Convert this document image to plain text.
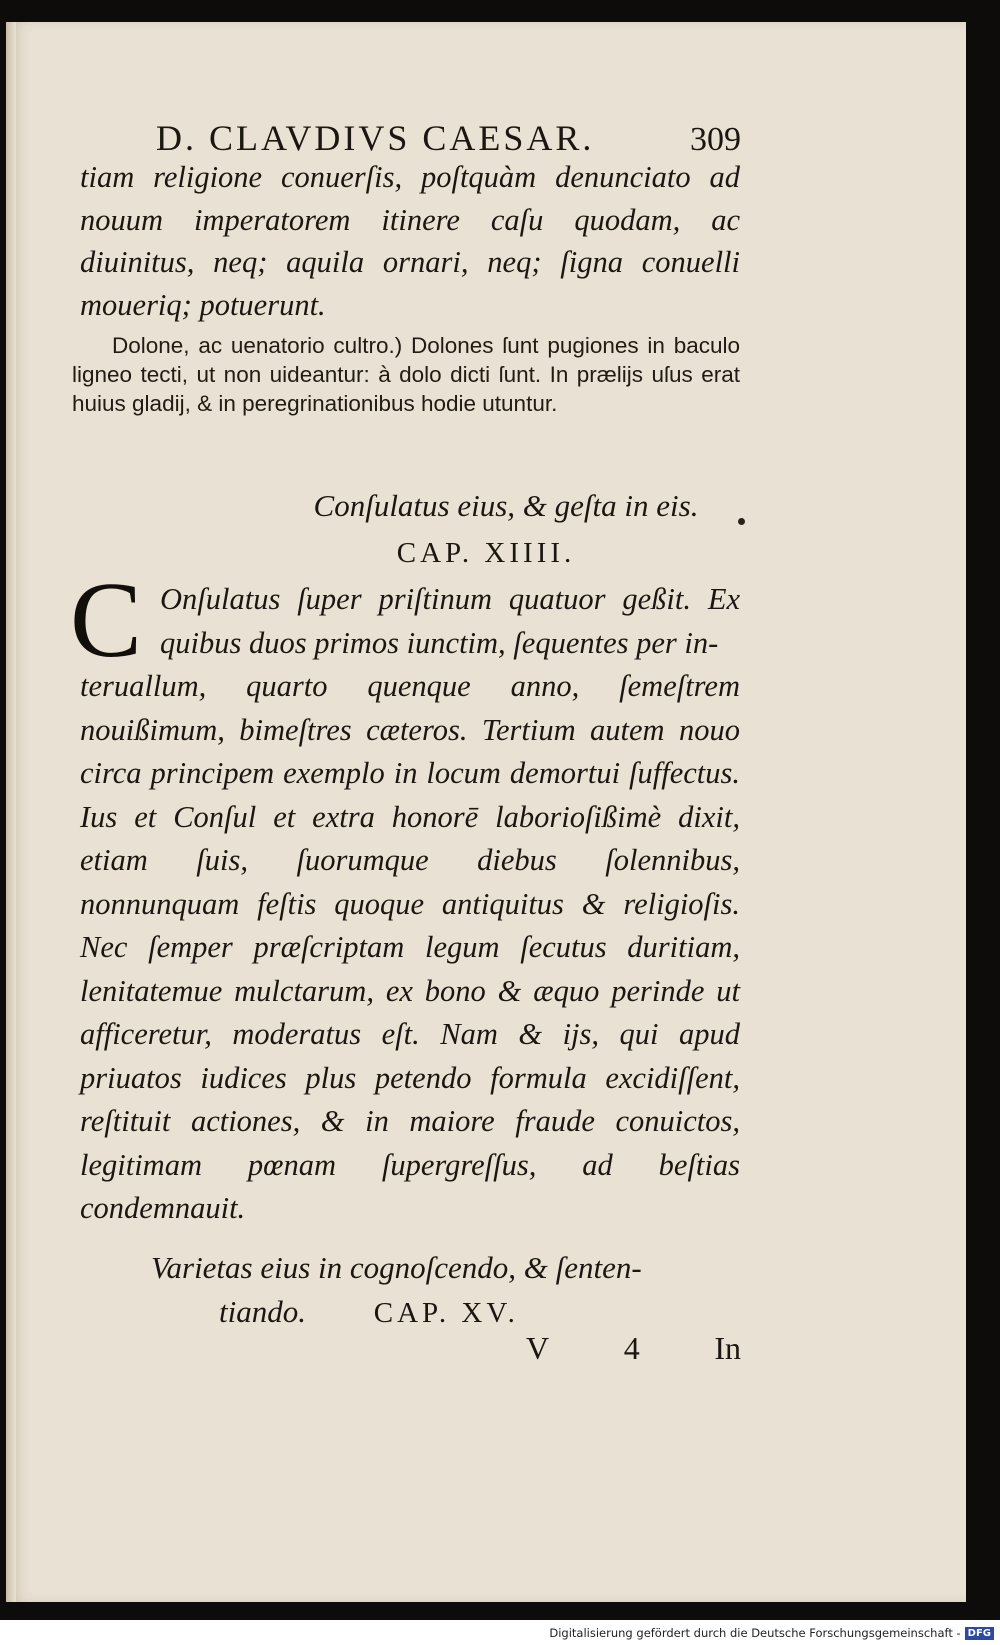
D. CLAVDIVS CAESAR.	309
tiam religione conuerſis, poſtquàm denunciato ad nouum imperatorem itinere caſu quodam, ac diuinitus, neq; aquila ornari, neq; ſigna conuelli moueriq; potuerunt.
Dolone, ac uenatorio cultro.) Dolones ſunt pugiones in baculo ligneo tecti, ut non uideantur: à dolo dicti ſunt. In prælijs uſus erat huius gladij, & in peregrinationibus hodie utuntur.
Conſulatus eius, & geſta in eis.
CAP. XIIII.
C Onſulatus ſuper priſtinum quatuor geßit. Ex quibus duos primos iunctim, ſequentes per in-
teruallum, quarto quenque anno, ſemeſtrem nouißimum, bimeſtres cæteros. Tertium autem nouo circa principem exemplo in locum demortui ſuffectus. Ius et Conſul et extra honorē laborioſißimè dixit, etiam ſuis, ſuorumque diebus ſolennibus, nonnunquam feſtis quoque antiquitus & religioſis. Nec ſemper præſcriptam legum ſecutus duritiam, lenitatemue mulctarum, ex bono & æquo perinde ut afficeretur, moderatus eſt. Nam & ijs, qui apud priuatos iudices plus petendo formula excidiſſent, reſtituit actiones, & in maiore fraude conuictos, legitimam pœnam ſupergreſſus, ad beſtias condemnauit.
Varietas eius in cognoſcendo, & ſenten-
tiando. CAP. XV.
V 4 In
Digitalisierung gefördert durch die Deutsche Forschungsgemeinschaft - DFG
